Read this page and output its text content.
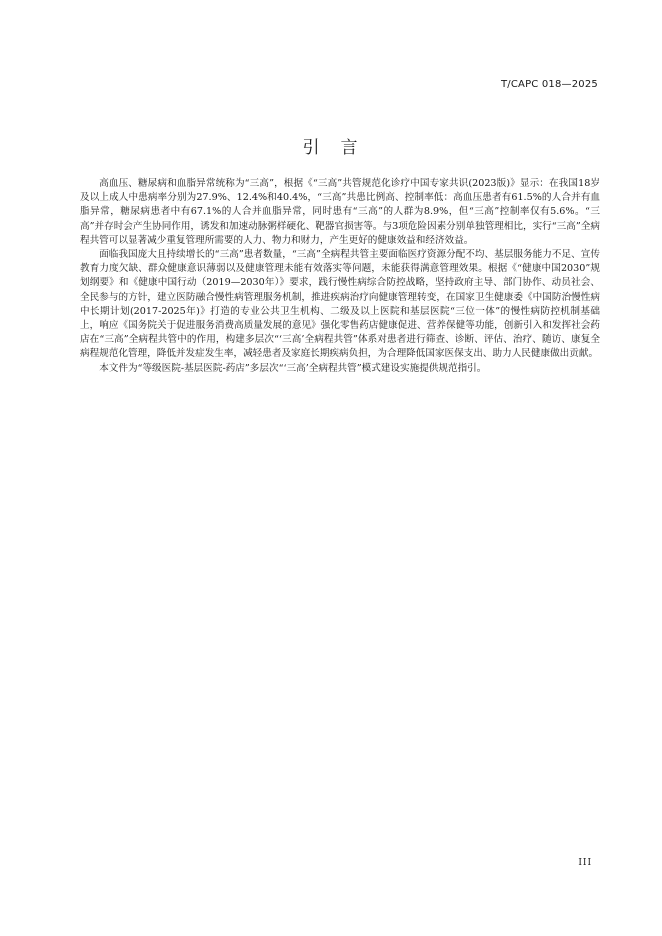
T/CAPC 018—2025
引　言

高血压、糖尿病和血脂异常统称为“三高”，根据《“三高”共管规范化诊疗中国专家共识(2023版)》显示：在我国18岁及以上成人中患病率分别为27.9%、12.4%和40.4%，“三高”共患比例高、控制率低：高血压患者有61.5%的人合并有血脂异常，糖尿病患者中有67.1%的人合并血脂异常，同时患有“三高”的人群为8.9%，但“三高”控制率仅有5.6%。“三高”并存时会产生协同作用，诱发和加速动脉粥样硬化、靶器官损害等。与3项危险因素分别单独管理相比，实行“三高”全病程共管可以显著减少重复管理所需要的人力、物力和财力，产生更好的健康效益和经济效益。

面临我国庞大且持续增长的“三高”患者数量，“三高”全病程共管主要面临医疗资源分配不均、基层服务能力不足、宣传教育力度欠缺、群众健康意识薄弱以及健康管理未能有效落实等问题，未能获得满意管理效果。根据《“健康中国2030”规划纲要》和《健康中国行动（2019—2030年）》要求，践行慢性病综合防控战略，坚持政府主导、部门协作、动员社会、全民参与的方针，建立医防融合慢性病管理服务机制，推进疾病治疗向健康管理转变，在国家卫生健康委《中国防治慢性病中长期计划(2017-2025年)》打造的专业公共卫生机构、二级及以上医院和基层医院“三位一体”的慢性病防控机制基础上，响应《国务院关于促进服务消费高质量发展的意见》强化零售药店健康促进、营养保健等功能，创新引入和发挥社会药店在“三高”全病程共管中的作用，构建多层次“‘三高’全病程共管”体系对患者进行筛查、诊断、评估、治疗、随访、康复全病程规范化管理，降低并发症发生率，减轻患者及家庭长期疾病负担，为合理降低国家医保支出、助力人民健康做出贡献。

本文件为“等级医院-基层医院-药店”多层次“‘三高’全病程共管”模式建设实施提供规范指引。

III
